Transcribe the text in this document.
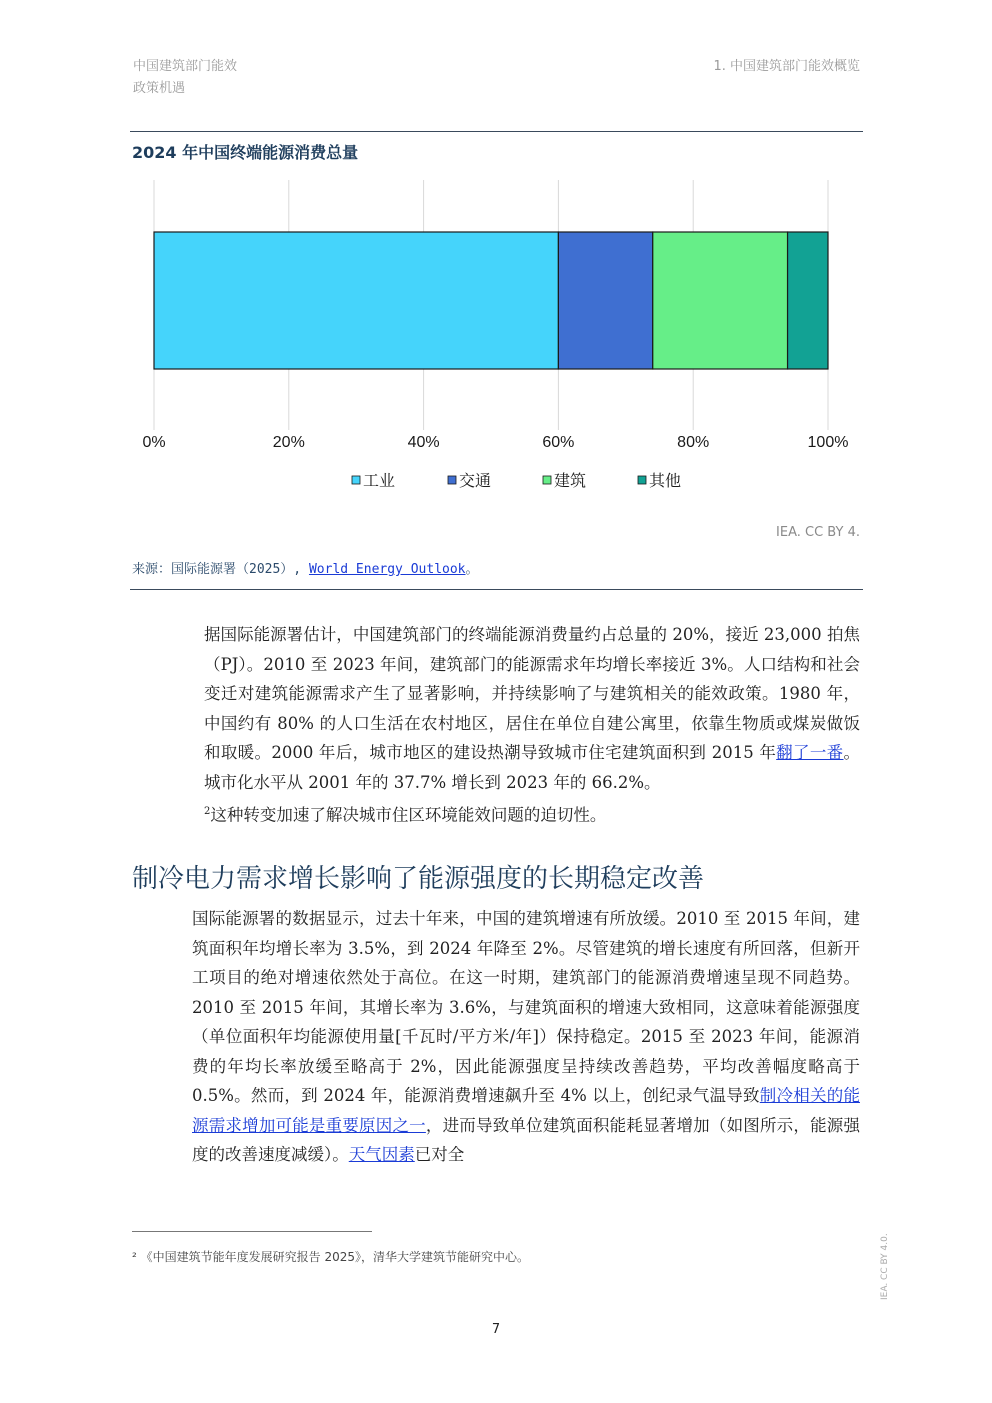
中国建筑部门能效
政策机遇
1. 中国建筑部门能效概览
2024 年中国终端能源消费总量
0%	20%	40%	60%	80%	100%
工业	交通	建筑	其他
IEA. CC BY 4.
来源：国际能源署（2025）, World Energy Outlook。
据国际能源署估计，中国建筑部门的终端能源消费量约占总量的 20%，接近 23,000 拍焦（PJ）。2010 至 2023 年间，建筑部门的能源需求年均增长率接近 3%。人口结构和社会变迁对建筑能源需求产生了显著影响，并持续影响了与建筑相关的能效政策。1980 年，中国约有 80% 的人口生活在农村地区，居住在单位自建公寓里，依靠生物质或煤炭做饭和取暖。2000 年后，城市地区的建设热潮导致城市住宅建筑面积到 2015 年翻了一番。城市化水平从 2001 年的 37.7% 增长到 2023 年的 66.2%。
$^2$这种转变加速了解决城市住区环境能效问题的迫切性。
制冷电力需求增长影响了能源强度的长期稳定改善
国际能源署的数据显示，过去十年来，中国的建筑增速有所放缓。2010 至 2015 年间，建筑面积年均增长率为 3.5%，到 2024 年降至 2%。尽管建筑的增长速度有所回落，但新开工项目的绝对增速依然处于高位。在这一时期，建筑部门的能源消费增速呈现不同趋势。2010 至 2015 年间，其增长率为 3.6%，与建筑面积的增速大致相同，这意味着能源强度（单位面积年均能源使用量[千瓦时/平方米/年]）保持稳定。2015 至 2023 年间，能源消费的年均长率放缓至略高于 2%，因此能源强度呈持续改善趋势，平均改善幅度略高于 0.5%。然而，到 2024 年，能源消费增速飙升至 4% 以上，创纪录气温导致制冷相关的能源需求增加可能是重要原因之一，进而导致单位建筑面积能耗显著增加（如图所示，能源强度的改善速度减缓）。天气因素已对全
² 《中国建筑节能年度发展研究报告 2025》，清华大学建筑节能研究中心。
7
IEA. CC BY 4.0.
